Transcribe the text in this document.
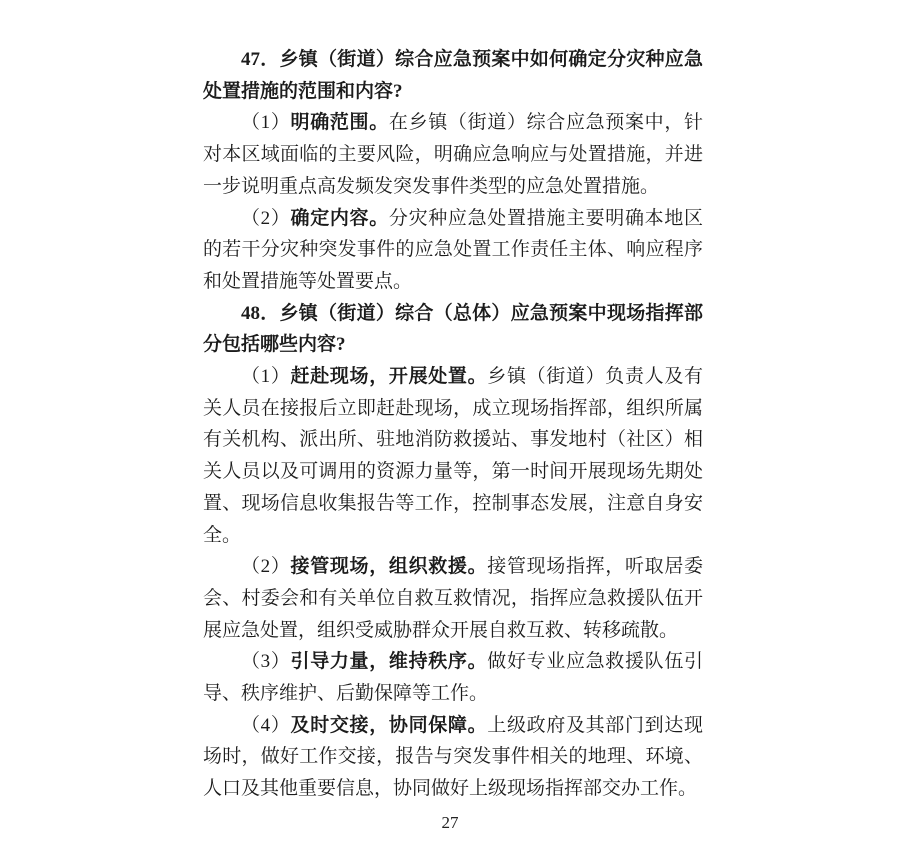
47．乡镇（街道）综合应急预案中如何确定分灾种应急处置措施的范围和内容?

（1）明确范围。在乡镇（街道）综合应急预案中，针对本区域面临的主要风险，明确应急响应与处置措施，并进一步说明重点高发频发突发事件类型的应急处置措施。

（2）确定内容。分灾种应急处置措施主要明确本地区的若干分灾种突发事件的应急处置工作责任主体、响应程序和处置措施等处置要点。

48．乡镇（街道）综合（总体）应急预案中现场指挥部分包括哪些内容?

（1）赶赴现场，开展处置。乡镇（街道）负责人及有关人员在接报后立即赶赴现场，成立现场指挥部，组织所属有关机构、派出所、驻地消防救援站、事发地村（社区）相关人员以及可调用的资源力量等，第一时间开展现场先期处置、现场信息收集报告等工作，控制事态发展，注意自身安全。

（2）接管现场，组织救援。接管现场指挥，听取居委会、村委会和有关单位自救互救情况，指挥应急救援队伍开展应急处置，组织受威胁群众开展自救互救、转移疏散。

（3）引导力量，维持秩序。做好专业应急救援队伍引导、秩序维护、后勤保障等工作。

（4）及时交接，协同保障。上级政府及其部门到达现场时，做好工作交接，报告与突发事件相关的地理、环境、人口及其他重要信息，协同做好上级现场指挥部交办工作。

27
